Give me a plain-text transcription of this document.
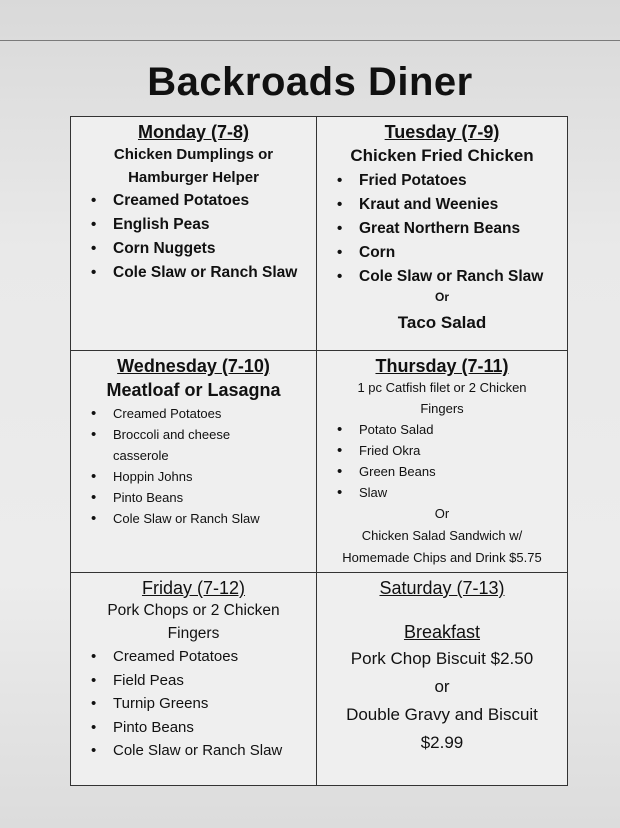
Backroads Diner

Monday (7-8)

Chicken Dumplings or

Hamburger Helper

• Creamed Potatoes
• English Peas
• Corn Nuggets
• Cole Slaw or Ranch Slaw

Tuesday (7-9)

Chicken Fried Chicken

• Fried Potatoes
• Kraut and Weenies
• Great Northern Beans
• Corn
• Cole Slaw or Ranch Slaw
Or
Taco Salad

Wednesday (7-10)

Meatloaf or Lasagna

• Creamed Potatoes
• Broccoli and cheese casserole
• Hoppin Johns
• Pinto Beans
• Cole Slaw or Ranch Slaw

Thursday (7-11)

1 pc Catfish filet or 2 Chicken

Fingers

• Potato Salad
• Fried Okra
• Green Beans
• Slaw
Or
Chicken Salad Sandwich w/
Homemade Chips and Drink $5.75

Friday (7-12)

Pork Chops or 2 Chicken

Fingers

• Creamed Potatoes
• Field Peas
• Turnip Greens
• Pinto Beans
• Cole Slaw or Ranch Slaw

Saturday (7-13)

Breakfast
Pork Chop Biscuit $2.50
or
Double Gravy and Biscuit
$2.99
